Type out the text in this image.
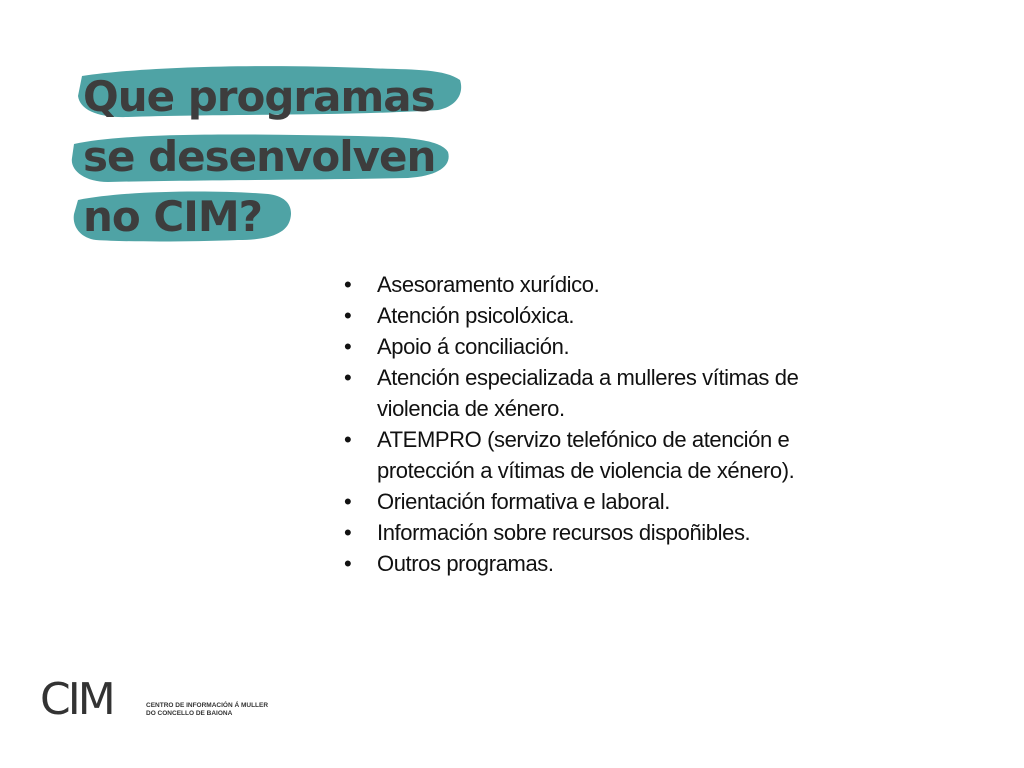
Que programas

se desenvolven

no CIM?

• Asesoramento xurídico.
• Atención psicolóxica.
• Apoio á conciliación.
• Atención especializada a mulleres vítimas de violencia de xénero.
• ATEMPRO (servizo telefónico de atención e protección a vítimas de violencia de xénero).
• Orientación formativa e laboral.
• Información sobre recursos dispoñibles.
• Outros programas.
CIM	CENTRO DE INFORMACIÓN Á MULLER
DO CONCELLO DE BAIONA
